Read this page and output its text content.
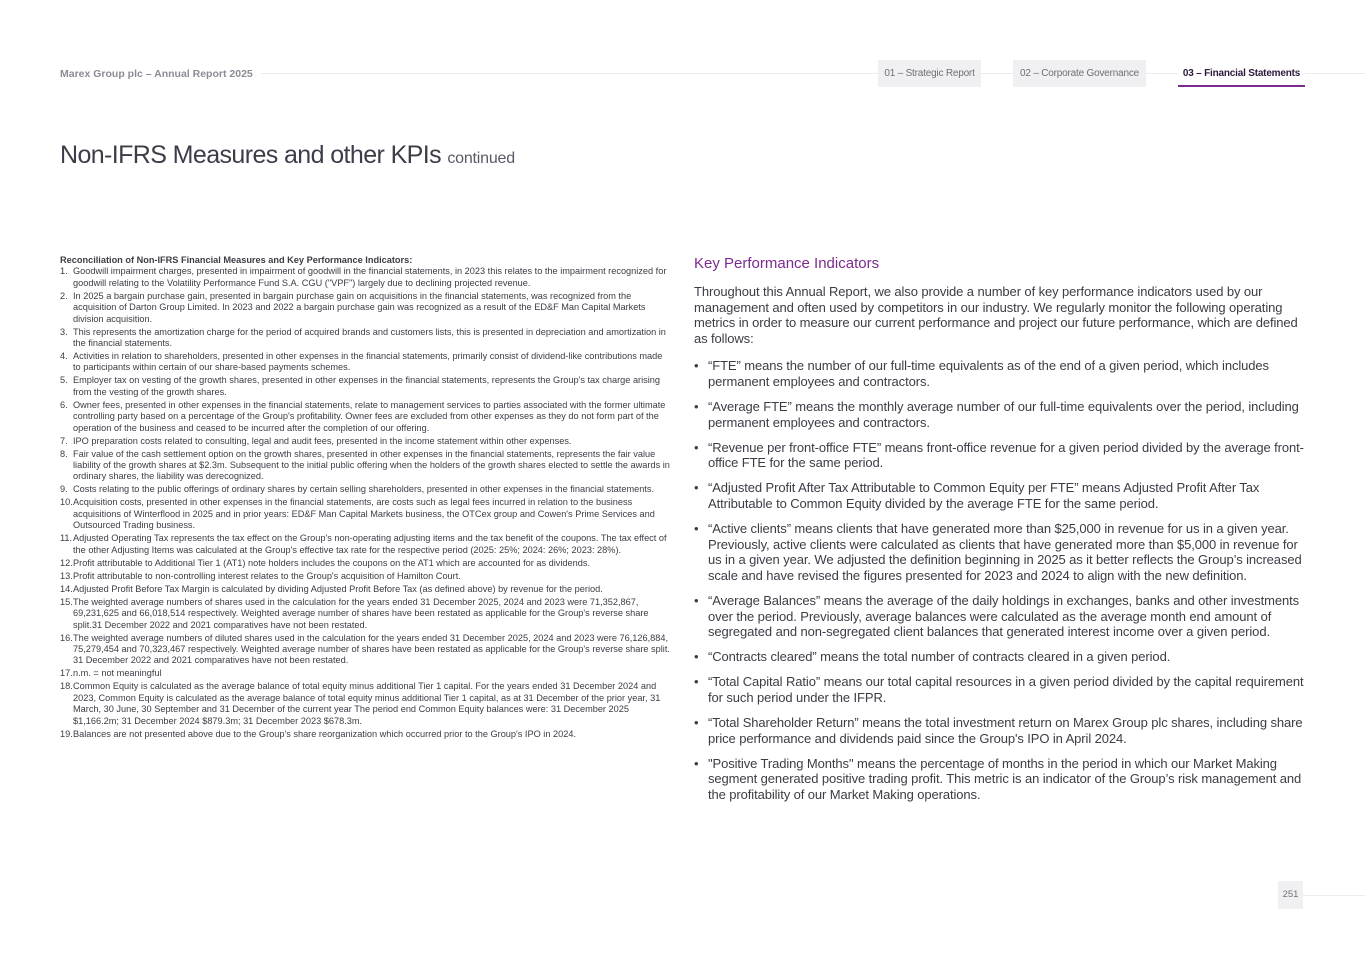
Marex Group plc – Annual Report 2025	01 – Strategic Report	02 – Corporate Governance	03 – Financial Statements
Non-IFRS Measures and other KPIs continued
Reconciliation of Non-IFRS Financial Measures and Key Performance Indicators:
1. Goodwill impairment charges, presented in impairment of goodwill in the financial statements, in 2023 this relates to the impairment recognized for goodwill relating to the Volatility Performance Fund S.A. CGU ("VPF") largely due to declining projected revenue.
2. In 2025 a bargain purchase gain, presented in bargain purchase gain on acquisitions in the financial statements, was recognized from the acquisition of Darton Group Limited. In 2023 and 2022 a bargain purchase gain was recognized as a result of the ED&F Man Capital Markets division acquisition.
3. This represents the amortization charge for the period of acquired brands and customers lists, this is presented in depreciation and amortization in the financial statements.
4. Activities in relation to shareholders, presented in other expenses in the financial statements, primarily consist of dividend-like contributions made to participants within certain of our share-based payments schemes.
5. Employer tax on vesting of the growth shares, presented in other expenses in the financial statements, represents the Group's tax charge arising from the vesting of the growth shares.
6. Owner fees, presented in other expenses in the financial statements, relate to management services to parties associated with the former ultimate controlling party based on a percentage of the Group's profitability. Owner fees are excluded from other expenses as they do not form part of the operation of the business and ceased to be incurred after the completion of our offering.
7. IPO preparation costs related to consulting, legal and audit fees, presented in the income statement within other expenses.
8. Fair value of the cash settlement option on the growth shares, presented in other expenses in the financial statements, represents the fair value liability of the growth shares at $2.3m. Subsequent to the initial public offering when the holders of the growth shares elected to settle the awards in ordinary shares, the liability was derecognized.
9. Costs relating to the public offerings of ordinary shares by certain selling shareholders, presented in other expenses in the financial statements.
10. Acquisition costs, presented in other expenses in the financial statements, are costs such as legal fees incurred in relation to the business acquisitions of Winterflood in 2025 and in prior years: ED&F Man Capital Markets business, the OTCex group and Cowen's Prime Services and Outsourced Trading business.
11. Adjusted Operating Tax represents the tax effect on the Group's non-operating adjusting items and the tax benefit of the coupons. The tax effect of the other Adjusting Items was calculated at the Group's effective tax rate for the respective period (2025: 25%; 2024: 26%; 2023: 28%).
12. Profit attributable to Additional Tier 1 (AT1) note holders includes the coupons on the AT1 which are accounted for as dividends.
13. Profit attributable to non-controlling interest relates to the Group's acquisition of Hamilton Court.
14. Adjusted Profit Before Tax Margin is calculated by dividing Adjusted Profit Before Tax (as defined above) by revenue for the period.
15. The weighted average numbers of shares used in the calculation for the years ended 31 December 2025, 2024 and 2023 were 71,352,867, 69,231,625 and 66,018,514 respectively. Weighted average number of shares have been restated as applicable for the Group's reverse share split.31 December 2022 and 2021 comparatives have not been restated.
16. The weighted average numbers of diluted shares used in the calculation for the years ended 31 December 2025, 2024 and 2023 were 76,126,884, 75,279,454 and 70,323,467 respectively. Weighted average number of shares have been restated as applicable for the Group's reverse share split. 31 December 2022 and 2021 comparatives have not been restated.
17. n.m. = not meaningful
18. Common Equity is calculated as the average balance of total equity minus additional Tier 1 capital. For the years ended 31 December 2024 and 2023, Common Equity is calculated as the average balance of total equity minus additional Tier 1 capital, as at 31 December of the prior year, 31 March, 30 June, 30 September and 31 December of the current year The period end Common Equity balances were: 31 December 2025 $1,166.2m; 31 December 2024 $879.3m; 31 December 2023 $678.3m.
19. Balances are not presented above due to the Group's share reorganization which occurred prior to the Group's IPO in 2024.
Key Performance Indicators

Throughout this Annual Report, we also provide a number of key performance indicators used by our management and often used by competitors in our industry. We regularly monitor the following operating metrics in order to measure our current performance and project our future performance, which are defined as follows:

• “FTE” means the number of our full-time equivalents as of the end of a given period, which includes permanent employees and contractors.
• “Average FTE” means the monthly average number of our full-time equivalents over the period, including permanent employees and contractors.
• “Revenue per front-office FTE” means front-office revenue for a given period divided by the average front-office FTE for the same period.
• “Adjusted Profit After Tax Attributable to Common Equity per FTE” means Adjusted Profit After Tax Attributable to Common Equity divided by the average FTE for the same period.
• “Active clients” means clients that have generated more than $25,000 in revenue for us in a given year. Previously, active clients were calculated as clients that have generated more than $5,000 in revenue for us in a given year. We adjusted the definition beginning in 2025 as it better reflects the Group’s increased scale and have revised the figures presented for 2023 and 2024 to align with the new definition.
• “Average Balances” means the average of the daily holdings in exchanges, banks and other investments over the period. Previously, average balances were calculated as the average month end amount of segregated and non-segregated client balances that generated interest income over a given period.
• “Contracts cleared” means the total number of contracts cleared in a given period.
• “Total Capital Ratio” means our total capital resources in a given period divided by the capital requirement for such period under the IFPR.
• “Total Shareholder Return” means the total investment return on Marex Group plc shares, including share price performance and dividends paid since the Group's IPO in April 2024.
• "Positive Trading Months" means the percentage of months in the period in which our Market Making segment generated positive trading profit. This metric is an indicator of the Group’s risk management and the profitability of our Market Making operations.
251
